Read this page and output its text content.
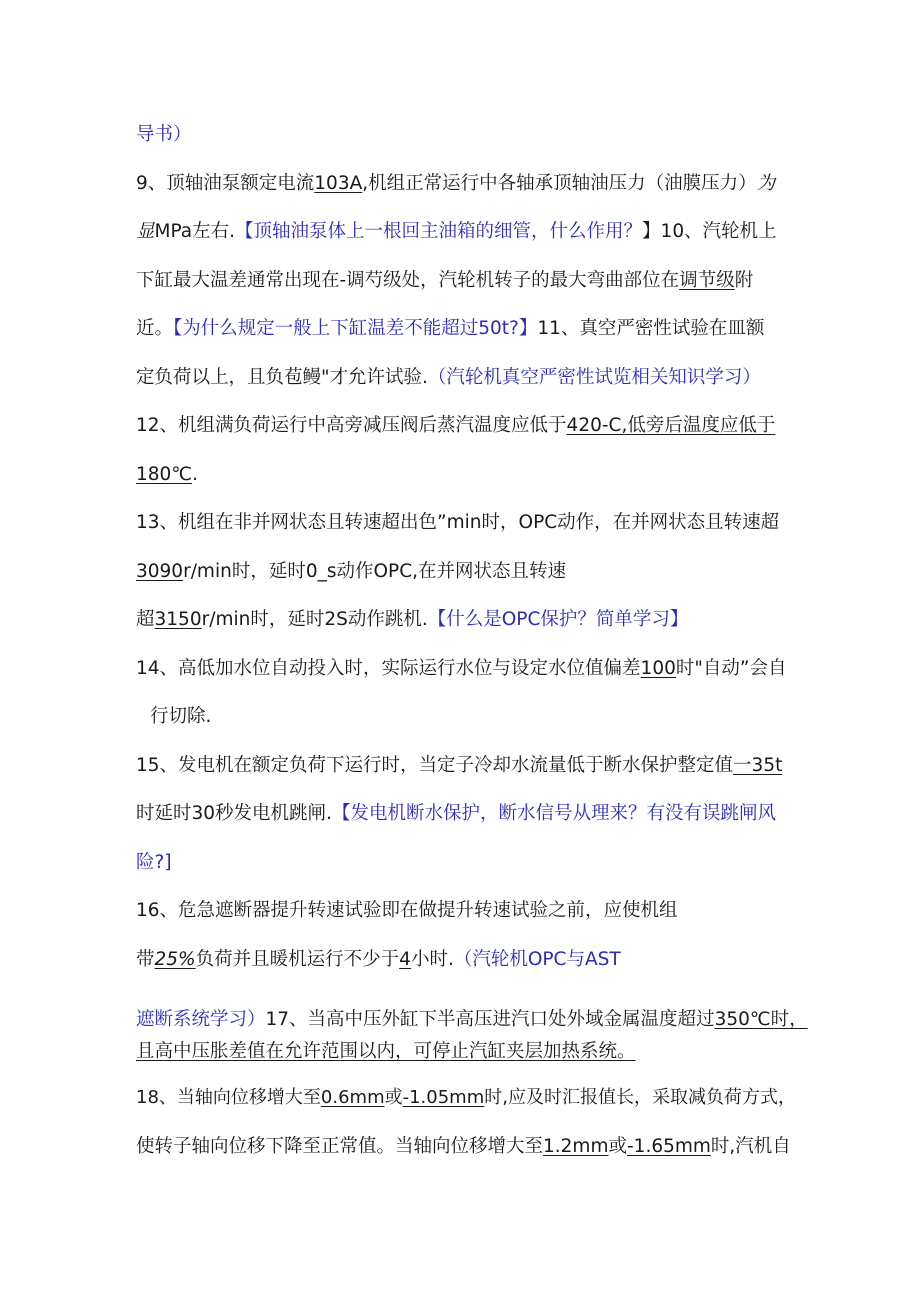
导书）
9、顶轴油泵额定电流103A,机组正常运行中各轴承顶轴油压力（油膜压力）为
显MPa左右.【顶轴油泵体上一根回主油箱的细管，什么作用？】10、汽轮机上
下缸最大温差通常出现在-调芍级处，汽轮机转子的最大弯曲部位在调节级附
近。【为什么规定一般上下缸温差不能超过50t?】11、真空严密性试验在皿额
定负荷以上，且负苞鳗"才允许试验.（汽轮机真空严密性试览相关知识学习）
12、机组满负荷运行中高旁减压阀后蒸汽温度应低于420-C,低旁后温度应低于
180℃.
13、机组在非并网状态且转速超出色”min时，OPC动作，在并网状态且转速超
3090r/min时，延时0_s动作OPC,在并网状态且转速
超3150r/min时，延时2S动作跳机.【什么是OPC保护？简单学习】
14、高低加水位自动投入时，实际运行水位与设定水位值偏差100时"自动”会自
行切除.
15、发电机在额定负荷下运行时，当定子冷却水流量低于断水保护整定值一35t
时延时30秒发电机跳闸.【发电机断水保护，断水信号从理来？有没有误跳闸风
险?]
16、危急遮断器提升转速试验即在做提升转速试验之前，应使机组
带25%负荷并且暖机运行不少于4小时.（汽轮机OPC与AST
遮断系统学习）17、当高中压外缸下半高压进汽口处外域金属温度超过350℃时，
且高中压胀差值在允许范围以内，可停止汽缸夹层加热系统。
18、当轴向位移增大至0.6mm或-1.05mm时,应及时汇报值长，采取减负荷方式，
使转子轴向位移下降至正常值。当轴向位移增大至1.2mm或-1.65mm时,汽机自
